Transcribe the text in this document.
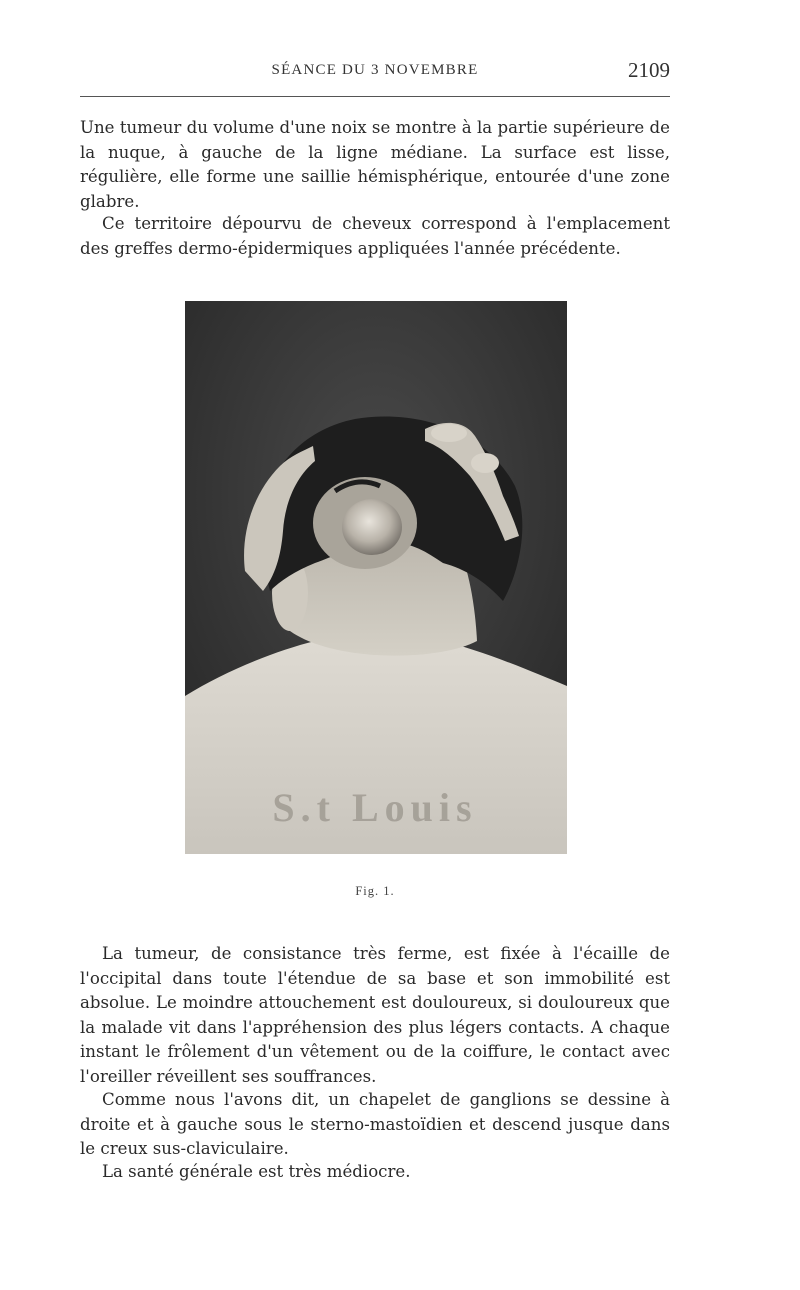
SÉANCE DU 3 NOVEMBRE	2109

Une tumeur du volume d'une noix se montre à la partie supérieure de la nuque, à gauche de la ligne médiane. La surface est lisse, régulière, elle forme une saillie hémisphérique, entourée d'une zone glabre.

Ce territoire dépourvu de cheveux correspond à l'emplacement des greffes dermo-épidermiques appliquées l'année précédente.

S.t Louis
Fig. 1.

La tumeur, de consistance très ferme, est fixée à l'écaille de l'occipital dans toute l'étendue de sa base et son immobilité est absolue. Le moindre attouchement est douloureux, si douloureux que la malade vit dans l'appréhension des plus légers contacts. A chaque instant le frôlement d'un vêtement ou de la coiffure, le contact avec l'oreiller réveillent ses souffrances.

Comme nous l'avons dit, un chapelet de ganglions se dessine à droite et à gauche sous le sterno-mastoïdien et descend jusque dans le creux sus-claviculaire.

La santé générale est très médiocre.
